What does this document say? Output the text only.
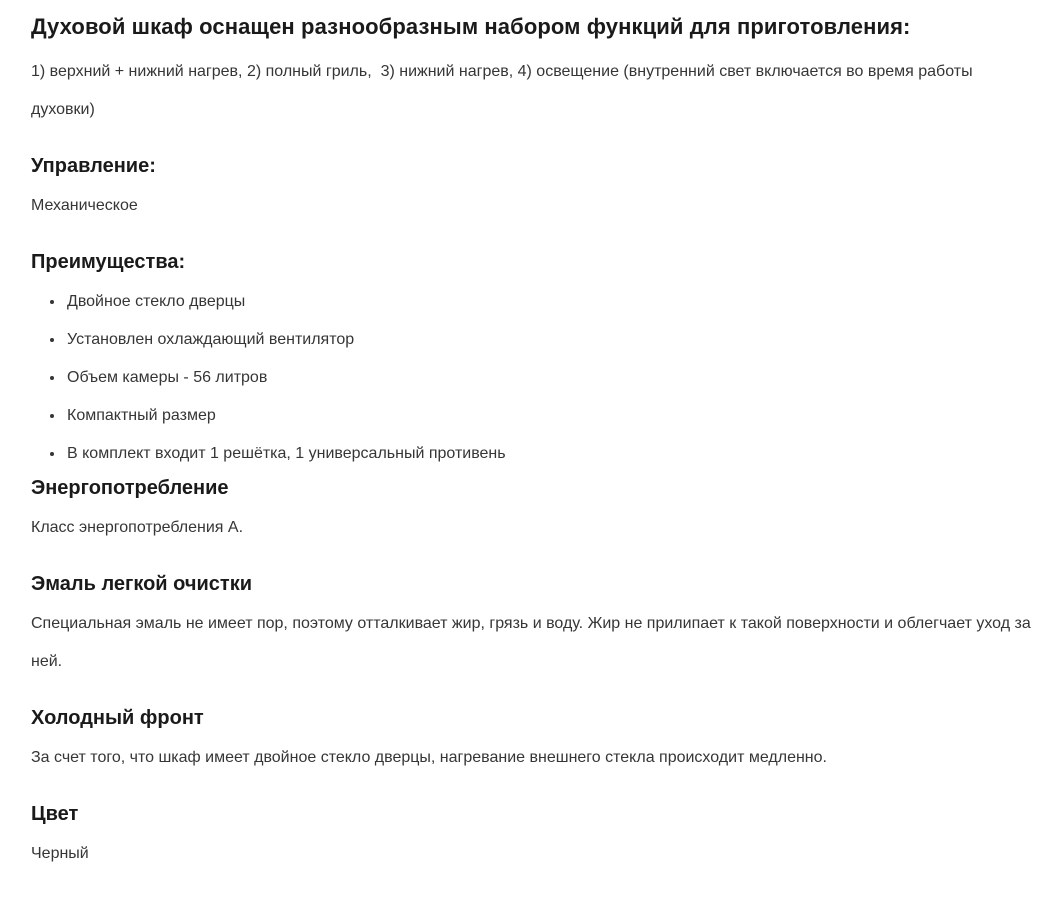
Духовой шкаф оснащен разнообразным набором функций для приготовления:

1) верхний + нижний нагрев, 2) полный гриль,  3) нижний нагрев, 4) освещение (внутренний свет включается во время работы духовки)

Управление:

Механическое

Преимущества:
• Двойное стекло дверцы
• Установлен охлаждающий вентилятор
• Объем камеры - 56 литров
• Компактный размер
• В комплект входит 1 решётка, 1 универсальный противень
Энергопотребление

Класс энергопотребления A.

Эмаль легкой очистки

Специальная эмаль не имеет пор, поэтому отталкивает жир, грязь и воду. Жир не прилипает к такой поверхности и облегчает уход за ней.

Холодный фронт

За счет того, что шкаф имеет двойное стекло дверцы, нагревание внешнего стекла происходит медленно.

Цвет

Черный
